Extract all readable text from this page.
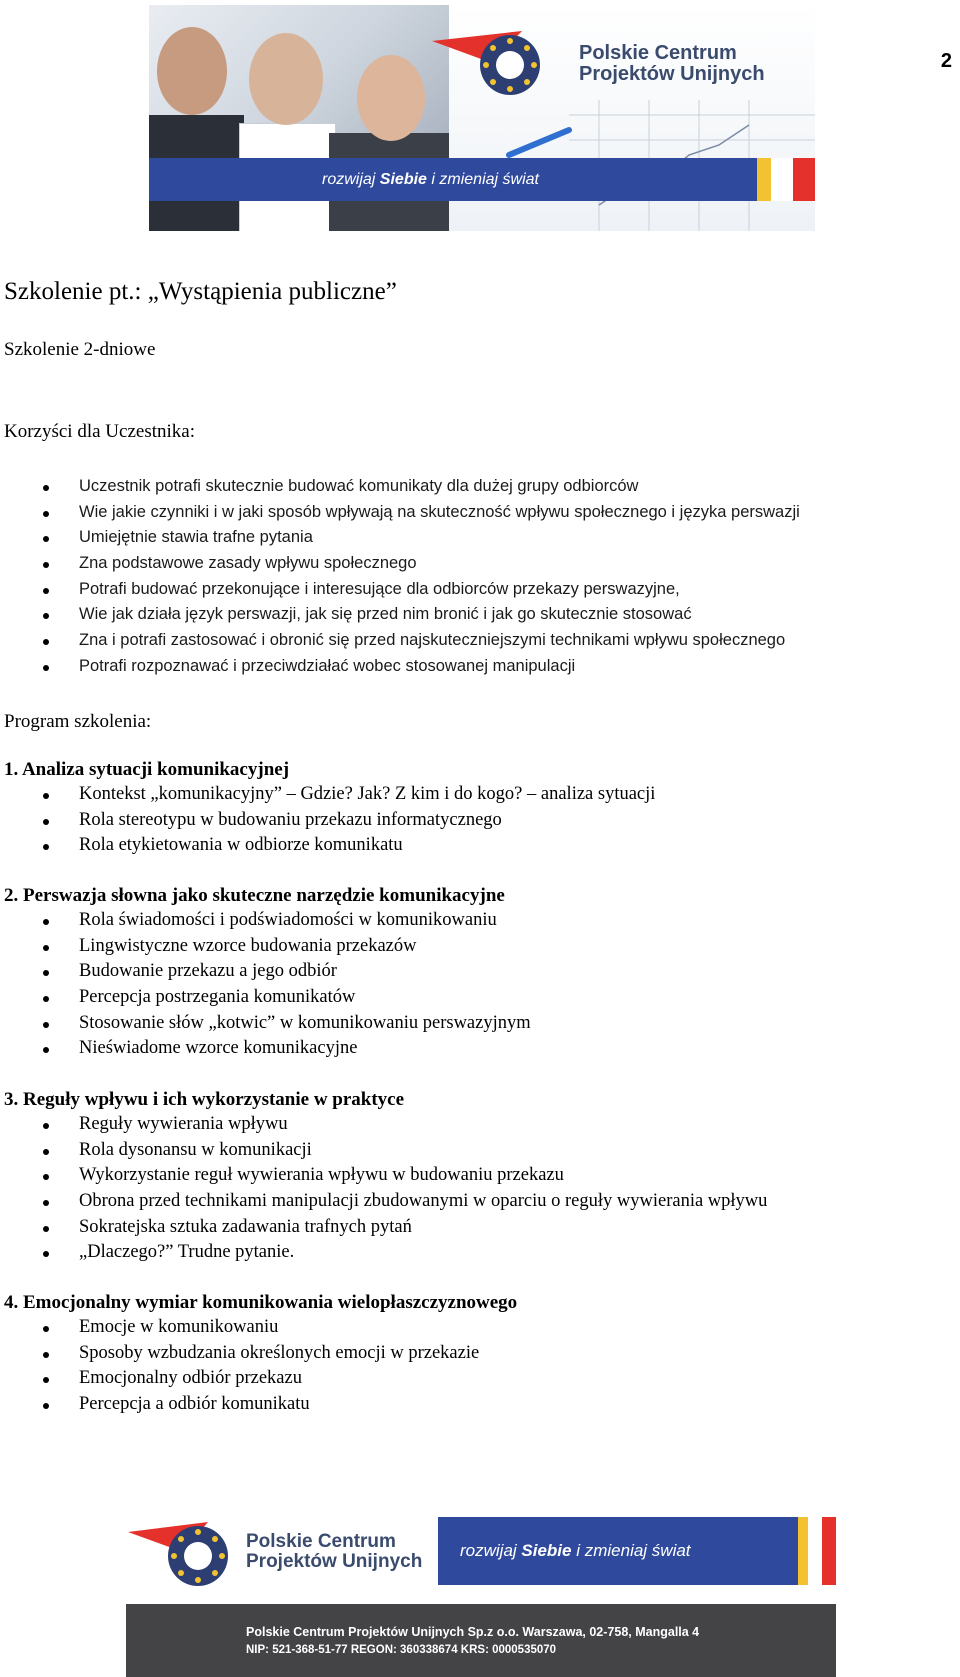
2
Polskie Centrum
Projektów Unijnych
rozwijaj Siebie i zmieniaj świat
Szkolenie pt.: „Wystąpienia publiczne”
Szkolenie 2-dniowe
Korzyści dla Uczestnika:
Uczestnik potrafi skutecznie budować komunikaty dla dużej grupy odbiorców
Wie jakie czynniki i w jaki sposób wpływają na skuteczność wpływu społecznego i języka perswazji
Umiejętnie stawia trafne pytania
Zna podstawowe zasady wpływu społecznego
Potrafi budować przekonujące i interesujące dla odbiorców przekazy perswazyjne,
Wie jak działa język perswazji, jak się przed nim bronić i jak go skutecznie stosować
Zna i potrafi zastosować i obronić się przed najskuteczniejszymi technikami wpływu społecznego
Potrafi rozpoznawać i przeciwdziałać wobec stosowanej manipulacji
Program szkolenia:
1. Analiza sytuacji komunikacyjnej
Kontekst „komunikacyjny” – Gdzie? Jak? Z kim i do kogo? – analiza sytuacji
Rola stereotypu w budowaniu przekazu informatycznego
Rola etykietowania w odbiorze komunikatu
2. Perswazja słowna jako skuteczne narzędzie komunikacyjne
Rola świadomości i podświadomości w komunikowaniu
Lingwistyczne wzorce budowania przekazów
Budowanie przekazu a jego odbiór
Percepcja postrzegania komunikatów
Stosowanie słów „kotwic” w komunikowaniu perswazyjnym
Nieświadome wzorce komunikacyjne
3. Reguły wpływu i ich wykorzystanie w praktyce
Reguły wywierania wpływu
Rola dysonansu w komunikacji
Wykorzystanie reguł wywierania wpływu w budowaniu przekazu
Obrona przed technikami manipulacji zbudowanymi w oparciu o reguły wywierania wpływu
Sokratejska sztuka zadawania trafnych pytań
„Dlaczego?” Trudne pytanie.
4. Emocjonalny wymiar komunikowania wielopłaszczyznowego
Emocje w komunikowaniu
Sposoby wzbudzania określonych emocji w przekazie
Emocjonalny odbiór przekazu
Percepcja a odbiór komunikatu
Polskie Centrum
Projektów Unijnych
rozwijaj Siebie i zmieniaj świat
Polskie Centrum Projektów Unijnych Sp.z o.o. Warszawa, 02-758, Mangalla 4
NIP: 521-368-51-77 REGON: 360338674 KRS: 0000535070
